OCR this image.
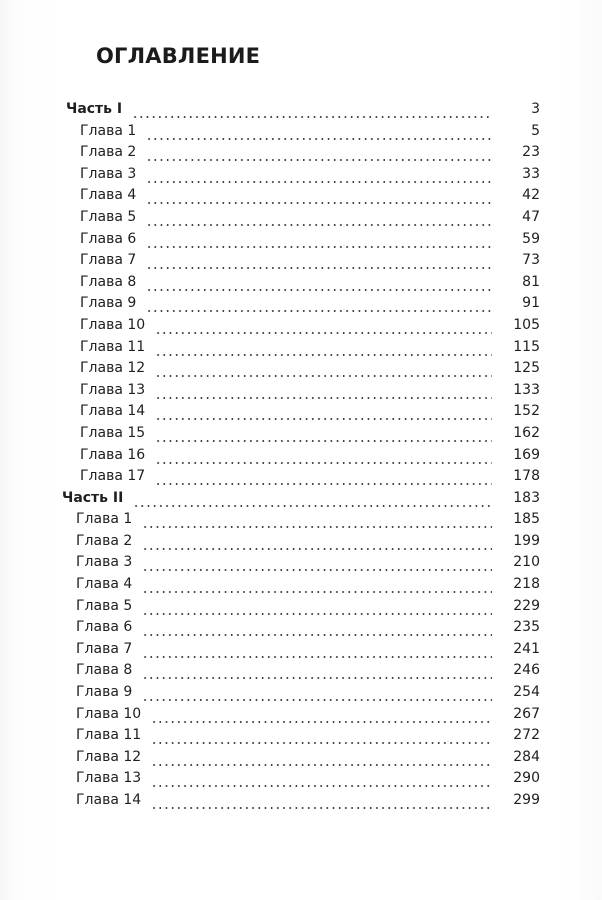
ОГЛАВЛЕНИЕ
Часть I	3
Глава 1	5
Глава 2	23
Глава 3	33
Глава 4	42
Глава 5	47
Глава 6	59
Глава 7	73
Глава 8	81
Глава 9	91
Глава 10	105
Глава 11	115
Глава 12	125
Глава 13	133
Глава 14	152
Глава 15	162
Глава 16	169
Глава 17	178
Часть II	183
Глава 1	185
Глава 2	199
Глава 3	210
Глава 4	218
Глава 5	229
Глава 6	235
Глава 7	241
Глава 8	246
Глава 9	254
Глава 10	267
Глава 11	272
Глава 12	284
Глава 13	290
Глава 14	299
